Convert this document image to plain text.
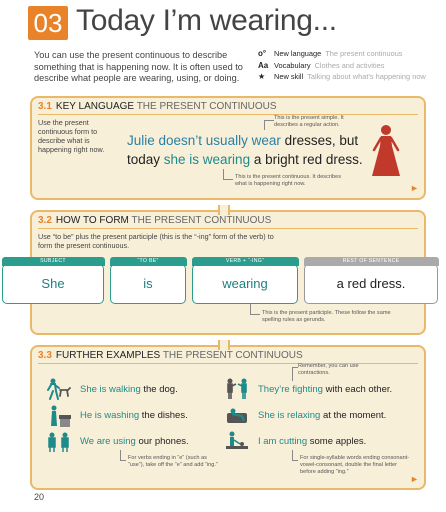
03 Today I’m wearing...
You can use the present continuous to describe something that is happening now. It is often used to describe what people are wearing, using, or doing.
o°	New language The present continuous
Aa Vocabulary Clothes and activities
★	New skill Talking about what’s happening now
3.1 KEY LANGUAGE THE PRESENT CONTINUOUS
Use the present continuous form to describe what is happening right now.
This is the present simple. It describes a regular action.
Julie doesn’t usually wear dresses, but
today she is wearing a bright red dress.
This is the present continuous. It describes what is happening right now.	►
3.2 HOW TO FORM THE PRESENT CONTINUOUS
Use “to be” plus the present participle (this is the “-ing” form of the verb) to form the present continuous.
This is the present participle. These follow the same spelling rules as gerunds.
SUBJECT
She
“TO BE”
is
VERB + “-ING”
wearing
REST OF SENTENCE
a red dress.
3.3 FURTHER EXAMPLES THE PRESENT CONTINUOUS
Remember, you can use contractions.
She is walking the dog.
He is washing the dishes.
We are using our phones.
They’re fighting with each other.
She is relaxing at the moment.
I am cutting some apples.
For verbs ending in “e” (such as “use”), take off the “e” and add “ing.”
For single-syllable words ending consonant-vowel-consonant, double the final letter before adding “ing.”
►
20
